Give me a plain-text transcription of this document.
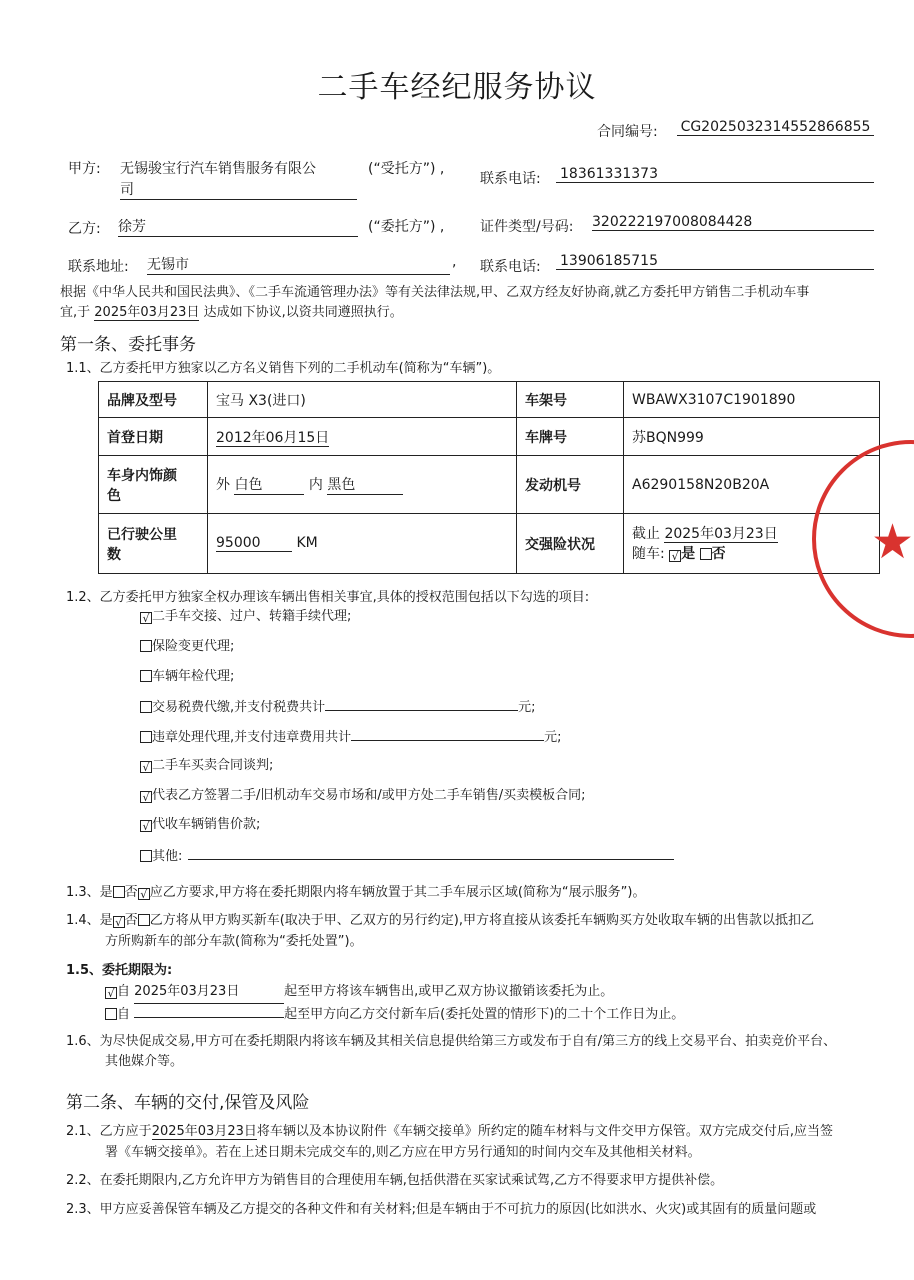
二手车经纪服务协议
合同编号: CG2025032314552866855
甲方: 无锡骏宝行汽车销售服务有限公
司
(“受托方”) ,
联系电话: 18361331373
乙方: 徐芳	(“委托方”) ,	证件类型/号码: 320222197008084428
联系地址: 无锡市	, 联系电话: 13906185715
根据《中华人民共和国民法典》、《二手车流通管理办法》等有关法律法规,甲、乙双方经友好协商,就乙方委托甲方销售二手机动车事
宜,于 2025年03月23日 达成如下协议,以资共同遵照执行。
第一条、委托事务
1.1、乙方委托甲方独家以乙方名义销售下列的二手机动车(简称为“车辆”)。
品牌及型号	宝马 X3(进口)	车架号	WBAWX3107C1901890
首登日期	2012年06月15日	车牌号	苏BQN999
车身内饰颜
色	外 白色 内 黑色	发动机号	A6290158N20B20A
已行驶公里
数	95000 KM	交强险状况	截止 2025年03月23日
随车: √ 是 否	★
1.2、乙方委托甲方独家全权办理该车辆出售相关事宜,具体的授权范围包括以下勾选的项目:
√ 二手车交接、过户、转籍手续代理;
保险变更代理;
车辆年检代理;
交易税费代缴,并支付税费共计	元;
违章处理代理,并支付违章费用共计	元;
√ 二手车买卖合同谈判;
√ 代表乙方签署二手/旧机动车交易市场和/或甲方处二手车销售/买卖模板合同;
√ 代收车辆销售价款;
其他:
1.3、是 否 √ 应乙方要求,甲方将在委托期限内将车辆放置于其二手车展示区域(简称为“展示服务”)。
1.4、是 √ 否 乙方将从甲方购买新车(取决于甲、乙双方的另行约定),甲方将直接从该委托车辆购买方处收取车辆的出售款以抵扣乙
方所购新车的部分车款(简称为“委托处置”)。
1.5、委托期限为:
√ 自 2025年03月23日	起至甲方将该车辆售出,或甲乙双方协议撤销该委托为止。
自	起至甲方向乙方交付新车后(委托处置的情形下)的二十个工作日为止。
1.6、为尽快促成交易,甲方可在委托期限内将该车辆及其相关信息提供给第三方或发布于自有/第三方的线上交易平台、拍卖竞价平台、
其他媒介等。
第二条、车辆的交付,保管及风险
2.1、乙方应于2025年03月23日将车辆以及本协议附件《车辆交接单》所约定的随车材料与文件交甲方保管。双方完成交付后,应当签
署《车辆交接单》。若在上述日期未完成交车的,则乙方应在甲方另行通知的时间内交车及其他相关材料。
2.2、在委托期限内,乙方允许甲方为销售目的合理使用车辆,包括供潜在买家试乘试驾,乙方不得要求甲方提供补偿。
2.3、甲方应妥善保管车辆及乙方提交的各种文件和有关材料;但是车辆由于不可抗力的原因(比如洪水、火灾)或其固有的质量问题或
